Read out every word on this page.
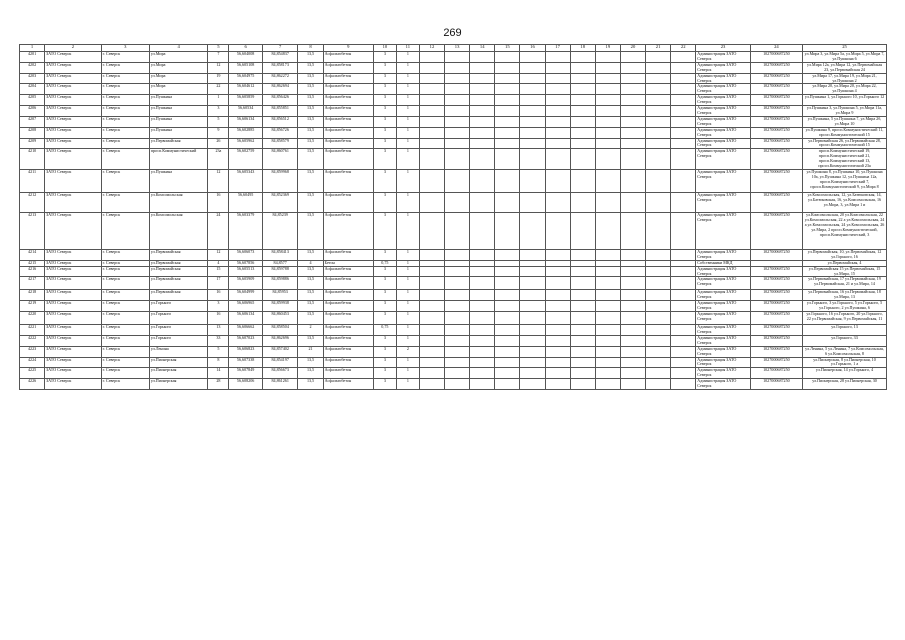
269
1	2	3	4	5	6	7	8	9	10	11	12	13	14	15	16	17	18	19	20	21	22	23	24	25
4201	ЗАТО Северск	г. Северск	ул.Мира	7	56,604008	84,854837	13,5	Асфальтобетон	3	1												Администрация ЗАТО Северск	1027000687250	ул.Мира 3, ул.Мира 5а, ул.Мира 5, ул.Мира 7, ул.Пушкина 6
4202	ЗАТО Северск	г. Северск	ул.Мира	12	56,605108	84,858173	13,5	Асфальтобетон	3	1												Администрация ЗАТО Северск	1027000687250	ул.Мира 12а, ул.Мира 12, ул.Первомайская 23, ул.Первомайская 24
4203	ЗАТО Северск	г. Северск	ул.Мира	19	56,604975	84,862272	13,5	Асфальтобетон	3	1												Администрация ЗАТО Северск	1027000687250	ул.Мира 17, ул.Мира 19, ул.Мира 21, ул.Пушкина 2
4204	ЗАТО Северск	г. Северск	ул.Мира	22	56,604612	84,862694	13,5	Асфальтобетон	3	1												Администрация ЗАТО Северск	1027000687250	ул.Мира 20, ул.Мира 20, ул.Мира 22, ул.Пушкина 4
4205	ЗАТО Северск	г. Северск	ул.Пушкина	1	56,605859	84,856426	13,5	Асфальтобетон	3	1												Администрация ЗАТО Северск	1027000687250	ул.Пушкина 1, ул.Горького 10, ул.Горького 12
4206	ЗАТО Северск	г. Северск	ул.Пушкина	3	56,60534	84,855851	13,5	Асфальтобетон	3	1												Администрация ЗАТО Северск	1027000687250	ул.Пушкина 3, ул.Пушкина 5, ул.Мира 11а, ул.Мира 9
4207	ЗАТО Северск	г. Северск	ул.Пушкина	5	56,606134	84,856512	13,5	Асфальтобетон	3	1												Администрация ЗАТО Северск	1027000687250	ул.Пушкина, 5 ул.Пушкина 7, ул.Мира 2б, ул.Мира 10
4208	ЗАТО Северск	г. Северск	ул.Пушкина	9	56,602885	84,856726	13,5	Асфальтобетон	3	1												Администрация ЗАТО Северск	1027000687250	ул.Пушкина 9, просп.Коммунистический 11, просп.Коммунистический 15
4209	ЗАТО Северск	г. Северск	ул.Первомайская	26	56,605962	84,858579	13,5	Асфальтобетон	3	1												Администрация ЗАТО Северск	1027000687250	ул.Первомайская 26, ул.Первомайская 28, просп.Коммунистический 15
4210	ЗАТО Северск	г. Северск	просп.Коммунистический	23а	56,602759	84,860761	13,5	Асфальтобетон	3	1												Администрация ЗАТО Северск	1027000687250	просп.Коммунистический 19, просп.Коммунистический 21, просп.Коммунистический 13, просп.Коммунистический 23а
4211	ЗАТО Северск	г. Северск	ул.Пушкина	12	56,605343	84,859968	13,5	Асфальтобетон	3	1												Администрация ЗАТО Северск	1027000687250	ул.Пушкина 8, ул.Пушкина 10, ул.Пушкина 10а, ул.Пушкина 12, ул.Пушкина 12а, просп.Коммунистический 7, просп.Коммунистический 9, ул.Мира 8
4212	ЗАТО Северск	г. Северск	ул.Комсомольская	16	56,60495	84,852369	13,5	Асфальтобетон	3	1												Администрация ЗАТО Северск	1027000687250	ул.Комсомольская, 12, ул.Батюковская, 14, ул.Батюковская, 16, ул.Комсомольская, 16 ул.Мира, 3, ул.Мира 1 и
4213	ЗАТО Северск	г. Северск	ул.Комсомольская	24	56,603379	84,85239	13,5	Асфальтобетон	3	1												Администрация ЗАТО Северск	1027000687250	ул.Комсомольская, 20 ул.Комсомольская, 22 ул.Комсомольская, 22 а ул.Комсомольская, 24 а ул.Комсомольская, 24 ул.Комсомольская, 26 ул.Мира, 2 просп.Коммунистический, просп.Коммунистический, 3
4214	ЗАТО Северск	г. Северск	ул.Первомайская	12	56,606073	84,858413	13,5	Асфальтобетон	3	1												Администрация ЗАТО Северск	1027000687250	ул.Первомайская, 10, ул.Первомайская, 12 ул.Горького, 16
4215	ЗАТО Северск	г. Северск	ул.Первомайская	4	56,607856	84,8577	4	Бетон	0,75	1												Собственники МКД		ул.Первомайская, 4
4216	ЗАТО Северск	г. Северск	ул.Первомайская	15	56,605513	84,859788	13,5	Асфальтобетон	3	1												Администрация ЗАТО Северск	1027000687250	ул.Первомайская 15 ул.Первомайская, 15 ул.Мира, 15
4217	ЗАТО Северск	г. Северск	ул.Первомайская	17	56,605909	84,859886	13,5	Асфальтобетон	3	1												Администрация ЗАТО Северск	1027000687250	ул.Первомайская, 17 ул.Первомайская, 19 ул.Первомайская, 21 и ул.Мира, 14
4218	ЗАТО Северск	г. Северск	ул.Первомайская	16	56,604999	84,85953	13,5	Асфальтобетон	3	1												Администрация ЗАТО Северск	1027000687250	ул.Первомайская, 16 ул.Первомайская, 18 ул.Мира, 13
4219	ЗАТО Северск	г. Северск	ул.Горького	3	56,606965	84,859938	13,5	Асфальтобетон	3	1												Администрация ЗАТО Северск	1027000687250	ул.Горького, 3 ул.Горького, 5 ул.Горького, 5 ул.Горького, 2 ул.Пушкина, 6
4220	ЗАТО Северск	г. Северск	ул.Горького	16	56,606134	84,860453	13,5	Асфальтобетон	3	1												Администрация ЗАТО Северск	1027000687250	ул.Горького, 16 ул.Горького, 20 ул.Горького, 22 ул.Первомайская, 9 ул.Первомайская, 11
4221	ЗАТО Северск	г. Северск	ул.Горького	13	56,606662	84,858504	2	Асфальтобетон	0,75	1												Администрация ЗАТО Северск	1027000687250	ул.Горького, 13
4222	ЗАТО Северск	г. Северск	ул.Горького	33	56,607023	84,862696	13,5	Асфальтобетон	3	1												Администрация ЗАТО Северск	1027000687250	ул.Горького, 33
4223	ЗАТО Северск	г. Северск	ул.Ленина	5	56,606823	84,857402	21	Асфальтобетон	3	2												Администрация ЗАТО Северск	1027000687250	ул.Ленина, 5 ул.Ленина, 7 ул.Комсомольская, 6 ул.Комсомольская, 8
4224	ЗАТО Северск	г. Северск	ул.Пионерская	8	56,607338	84,854197	13,5	Асфальтобетон	3	1												Администрация ЗАТО Северск	1027000687250	ул.Пионерская, 8 ул.Пионерская, 10 ул.Горького, 1 а
4225	ЗАТО Северск	г. Северск	ул.Пионерская	14	56,607849	84,856673	13,5	Асфальтобетон	3	1												Администрация ЗАТО Северск	1027000687250	ул.Пионерская, 14 ул.Горького, 4
4226	ЗАТО Северск	г. Северск	ул.Пионерская	28	56,608206	84,861261	13,5	Асфальтобетон	3	1												Администрация ЗАТО Северск	1027000687250	ул.Пионерская, 28 ул.Пионерская, 30
